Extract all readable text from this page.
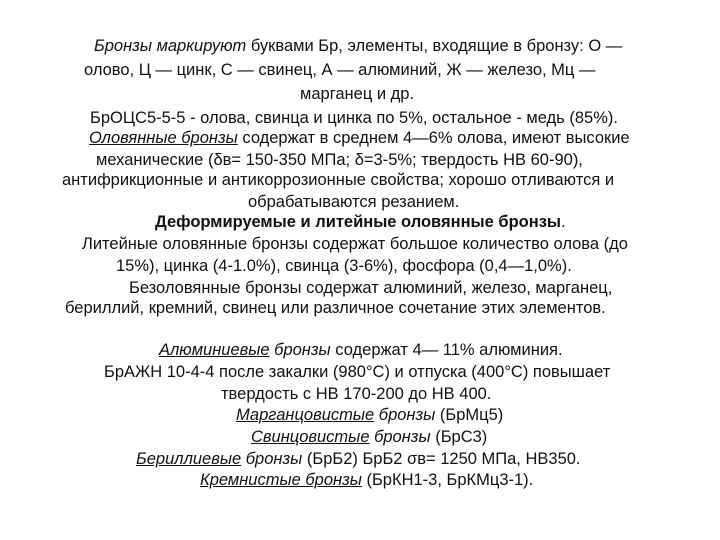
Бронзы маркируют буквами Бр, элементы, входящие в бронзу: О —
олово, Ц — цинк, С — свинец, А — алюминий, Ж — железо, Мц —
марганец и др.
БрОЦС5-5-5 - олова, свинца и цинка по 5%, остальное - медь (85%).
Оловянные бронзы содержат в среднем 4—6% олова, имеют высокие
механические (δв= 150-350 МПа; δ=3-5%; твердость НВ 60-90),
антифрикционные и антикоррозионные свойства; хорошо отливаются и
обрабатываются резанием.
Деформируемые и литейные оловянные бронзы.
Литейные оловянные бронзы содержат большое количество олова (до
15%), цинка (4-1.0%), свинца (3-6%), фосфора (0,4—1,0%).
Безоловянные бронзы содержат алюминий, железо, марганец,
бериллий, кремний, свинец или различное сочетание этих элементов.
Алюминиевые бронзы содержат 4— 11% алюминия.
БрАЖН 10-4-4 после закалки (980°С) и отпуска (400°С) повышает
твердость с НВ 170-200 до НВ 400.
Марганцовистые бронзы (БрМц5)
Свинцовистые бронзы (БрС3)
Бериллиевые бронзы (БрБ2) БрБ2 σв= 1250 МПа, НВ350.
Кремнистые бронзы (БрКН1-3, БрКМц3-1).
